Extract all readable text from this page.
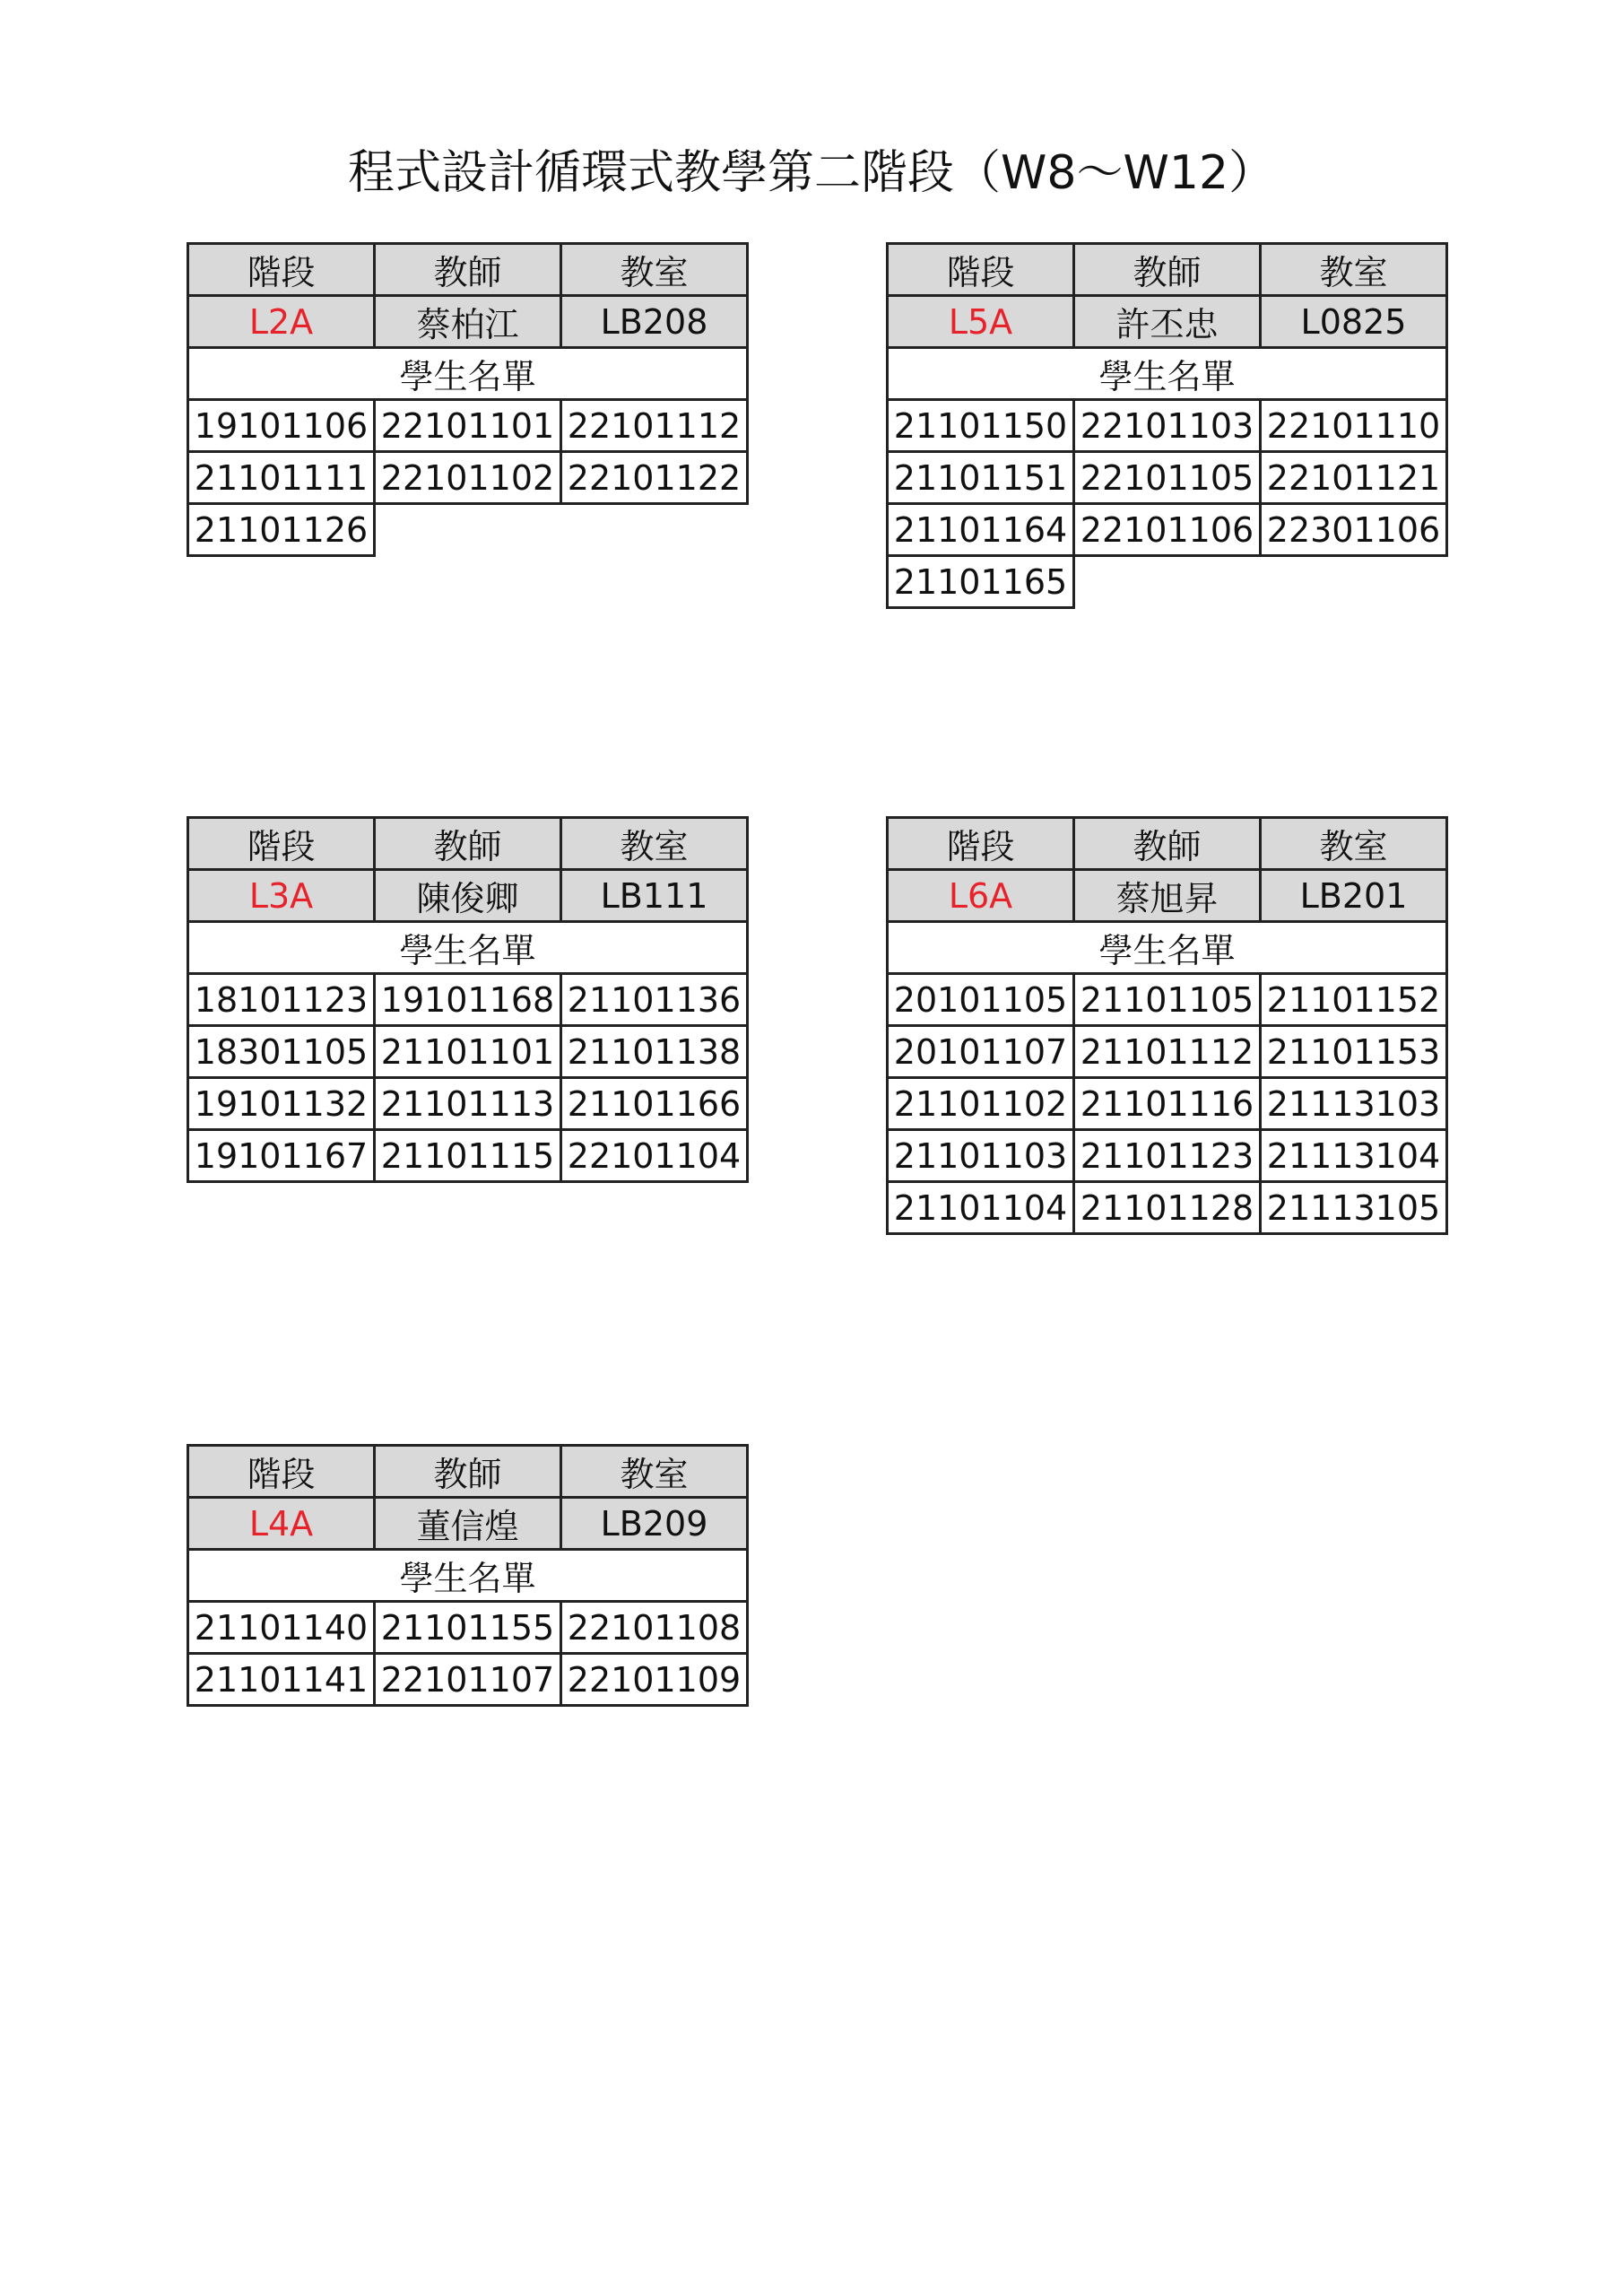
程式設計循環式教學第二階段（W8～W12）
階段	教師	教室
L2A	蔡柏江	LB208
學生名單
19101106 22101101 22101112
21101111 22101102 22101122
21101126
階段	教師	教室
L5A	許丕忠	L0825
學生名單
21101150 22101103 22101110
21101151 22101105 22101121
21101164 22101106 22301106
21101165
階段	教師	教室
L3A	陳俊卿	LB111
學生名單
18101123 19101168 21101136
18301105 21101101 21101138
19101132 21101113 21101166
19101167 21101115 22101104
階段	教師	教室
L6A	蔡旭昇	LB201
學生名單
20101105 21101105 21101152
20101107 21101112 21101153
21101102 21101116 21113103
21101103 21101123 21113104
21101104 21101128 21113105
階段	教師	教室
L4A	董信煌	LB209
學生名單
21101140 21101155 22101108
21101141 22101107 22101109
